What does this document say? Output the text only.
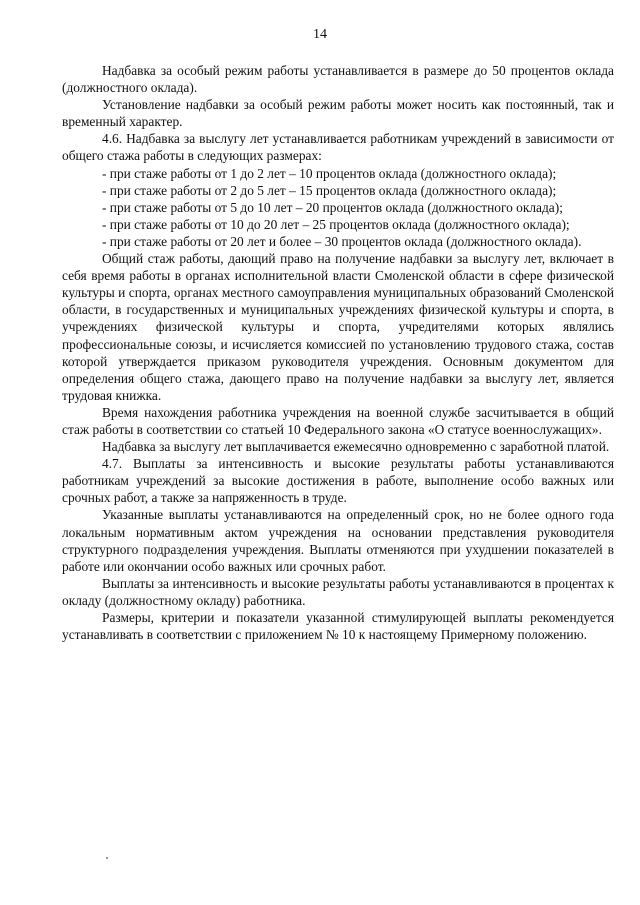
14

Надбавка за особый режим работы устанавливается в размере до 50 процентов оклада (должностного оклада).

Установление надбавки за особый режим работы может носить как постоянный, так и временный характер.

4.6. Надбавка за выслугу лет устанавливается работникам учреждений в зависимости от общего стажа работы в следующих размерах:

- при стаже работы от 1 до 2 лет – 10 процентов оклада (должностного оклада);

- при стаже работы от 2 до 5 лет – 15 процентов оклада (должностного оклада);

- при стаже работы от 5 до 10 лет – 20 процентов оклада (должностного оклада);

- при стаже работы от 10 до 20 лет – 25 процентов оклада (должностного оклада);

- при стаже работы от 20 лет и более – 30 процентов оклада (должностного оклада).

Общий стаж работы, дающий право на получение надбавки за выслугу лет, включает в себя время работы в органах исполнительной власти Смоленской области в сфере физической культуры и спорта, органах местного самоуправления муниципальных образований Смоленской области, в государственных и муниципальных учреждениях физической культуры и спорта, в учреждениях физической культуры и спорта, учредителями которых являлись профессиональные союзы, и исчисляется комиссией по установлению трудового стажа, состав которой утверждается приказом руководителя учреждения. Основным документом для определения общего стажа, дающего право на получение надбавки за выслугу лет, является трудовая книжка.

Время нахождения работника учреждения на военной службе засчитывается в общий стаж работы в соответствии со статьей 10 Федерального закона «О статусе военнослужащих».

Надбавка за выслугу лет выплачивается ежемесячно одновременно с заработной платой.

4.7. Выплаты за интенсивность и высокие результаты работы устанавливаются работникам учреждений за высокие достижения в работе, выполнение особо важных или срочных работ, а также за напряженность в труде.

Указанные выплаты устанавливаются на определенный срок, но не более одного года локальным нормативным актом учреждения на основании представления руководителя структурного подразделения учреждения. Выплаты отменяются при ухудшении показателей в работе или окончании особо важных или срочных работ.

Выплаты за интенсивность и высокие результаты работы устанавливаются в процентах к окладу (должностному окладу) работника.

Размеры, критерии и показатели указанной стимулирующей выплаты рекомендуется устанавливать в соответствии с приложением № 10 к настоящему Примерному положению.
